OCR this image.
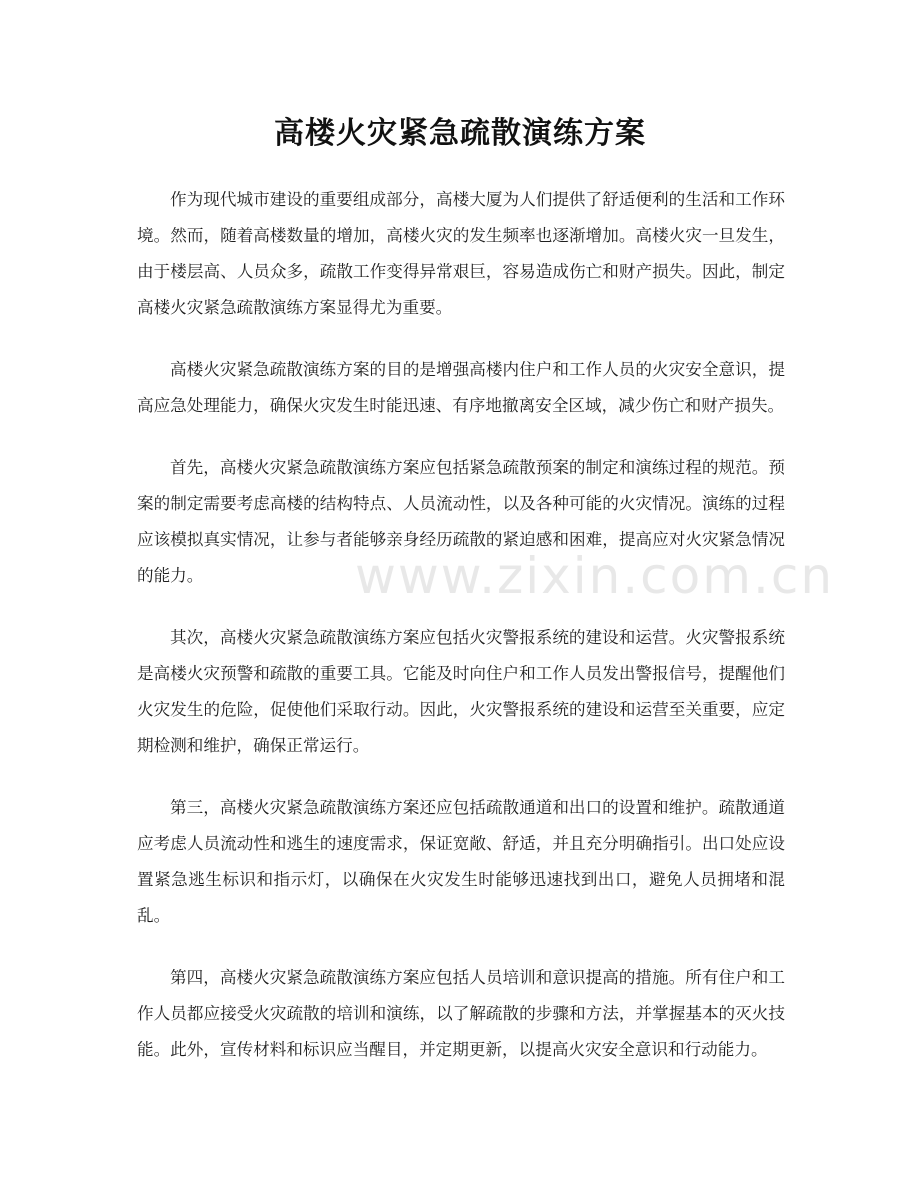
高楼火灾紧急疏散演练方案

作为现代城市建设的重要组成部分，高楼大厦为人们提供了舒适便利的生活和工作环境。然而，随着高楼数量的增加，高楼火灾的发生频率也逐渐增加。高楼火灾一旦发生，由于楼层高、人员众多，疏散工作变得异常艰巨，容易造成伤亡和财产损失。因此，制定高楼火灾紧急疏散演练方案显得尤为重要。

高楼火灾紧急疏散演练方案的目的是增强高楼内住户和工作人员的火灾安全意识，提高应急处理能力，确保火灾发生时能迅速、有序地撤离安全区域，减少伤亡和财产损失。

首先，高楼火灾紧急疏散演练方案应包括紧急疏散预案的制定和演练过程的规范。预案的制定需要考虑高楼的结构特点、人员流动性，以及各种可能的火灾情况。演练的过程应该模拟真实情况，让参与者能够亲身经历疏散的紧迫感和困难，提高应对火灾紧急情况的能力。

其次，高楼火灾紧急疏散演练方案应包括火灾警报系统的建设和运营。火灾警报系统是高楼火灾预警和疏散的重要工具。它能及时向住户和工作人员发出警报信号，提醒他们火灾发生的危险，促使他们采取行动。因此，火灾警报系统的建设和运营至关重要，应定期检测和维护，确保正常运行。

第三，高楼火灾紧急疏散演练方案还应包括疏散通道和出口的设置和维护。疏散通道应考虑人员流动性和逃生的速度需求，保证宽敞、舒适，并且充分明确指引。出口处应设置紧急逃生标识和指示灯，以确保在火灾发生时能够迅速找到出口，避免人员拥堵和混乱。

第四，高楼火灾紧急疏散演练方案应包括人员培训和意识提高的措施。所有住户和工作人员都应接受火灾疏散的培训和演练，以了解疏散的步骤和方法，并掌握基本的灭火技能。此外，宣传材料和标识应当醒目，并定期更新，以提高火灾安全意识和行动能力。

www.zixin.com.cn
